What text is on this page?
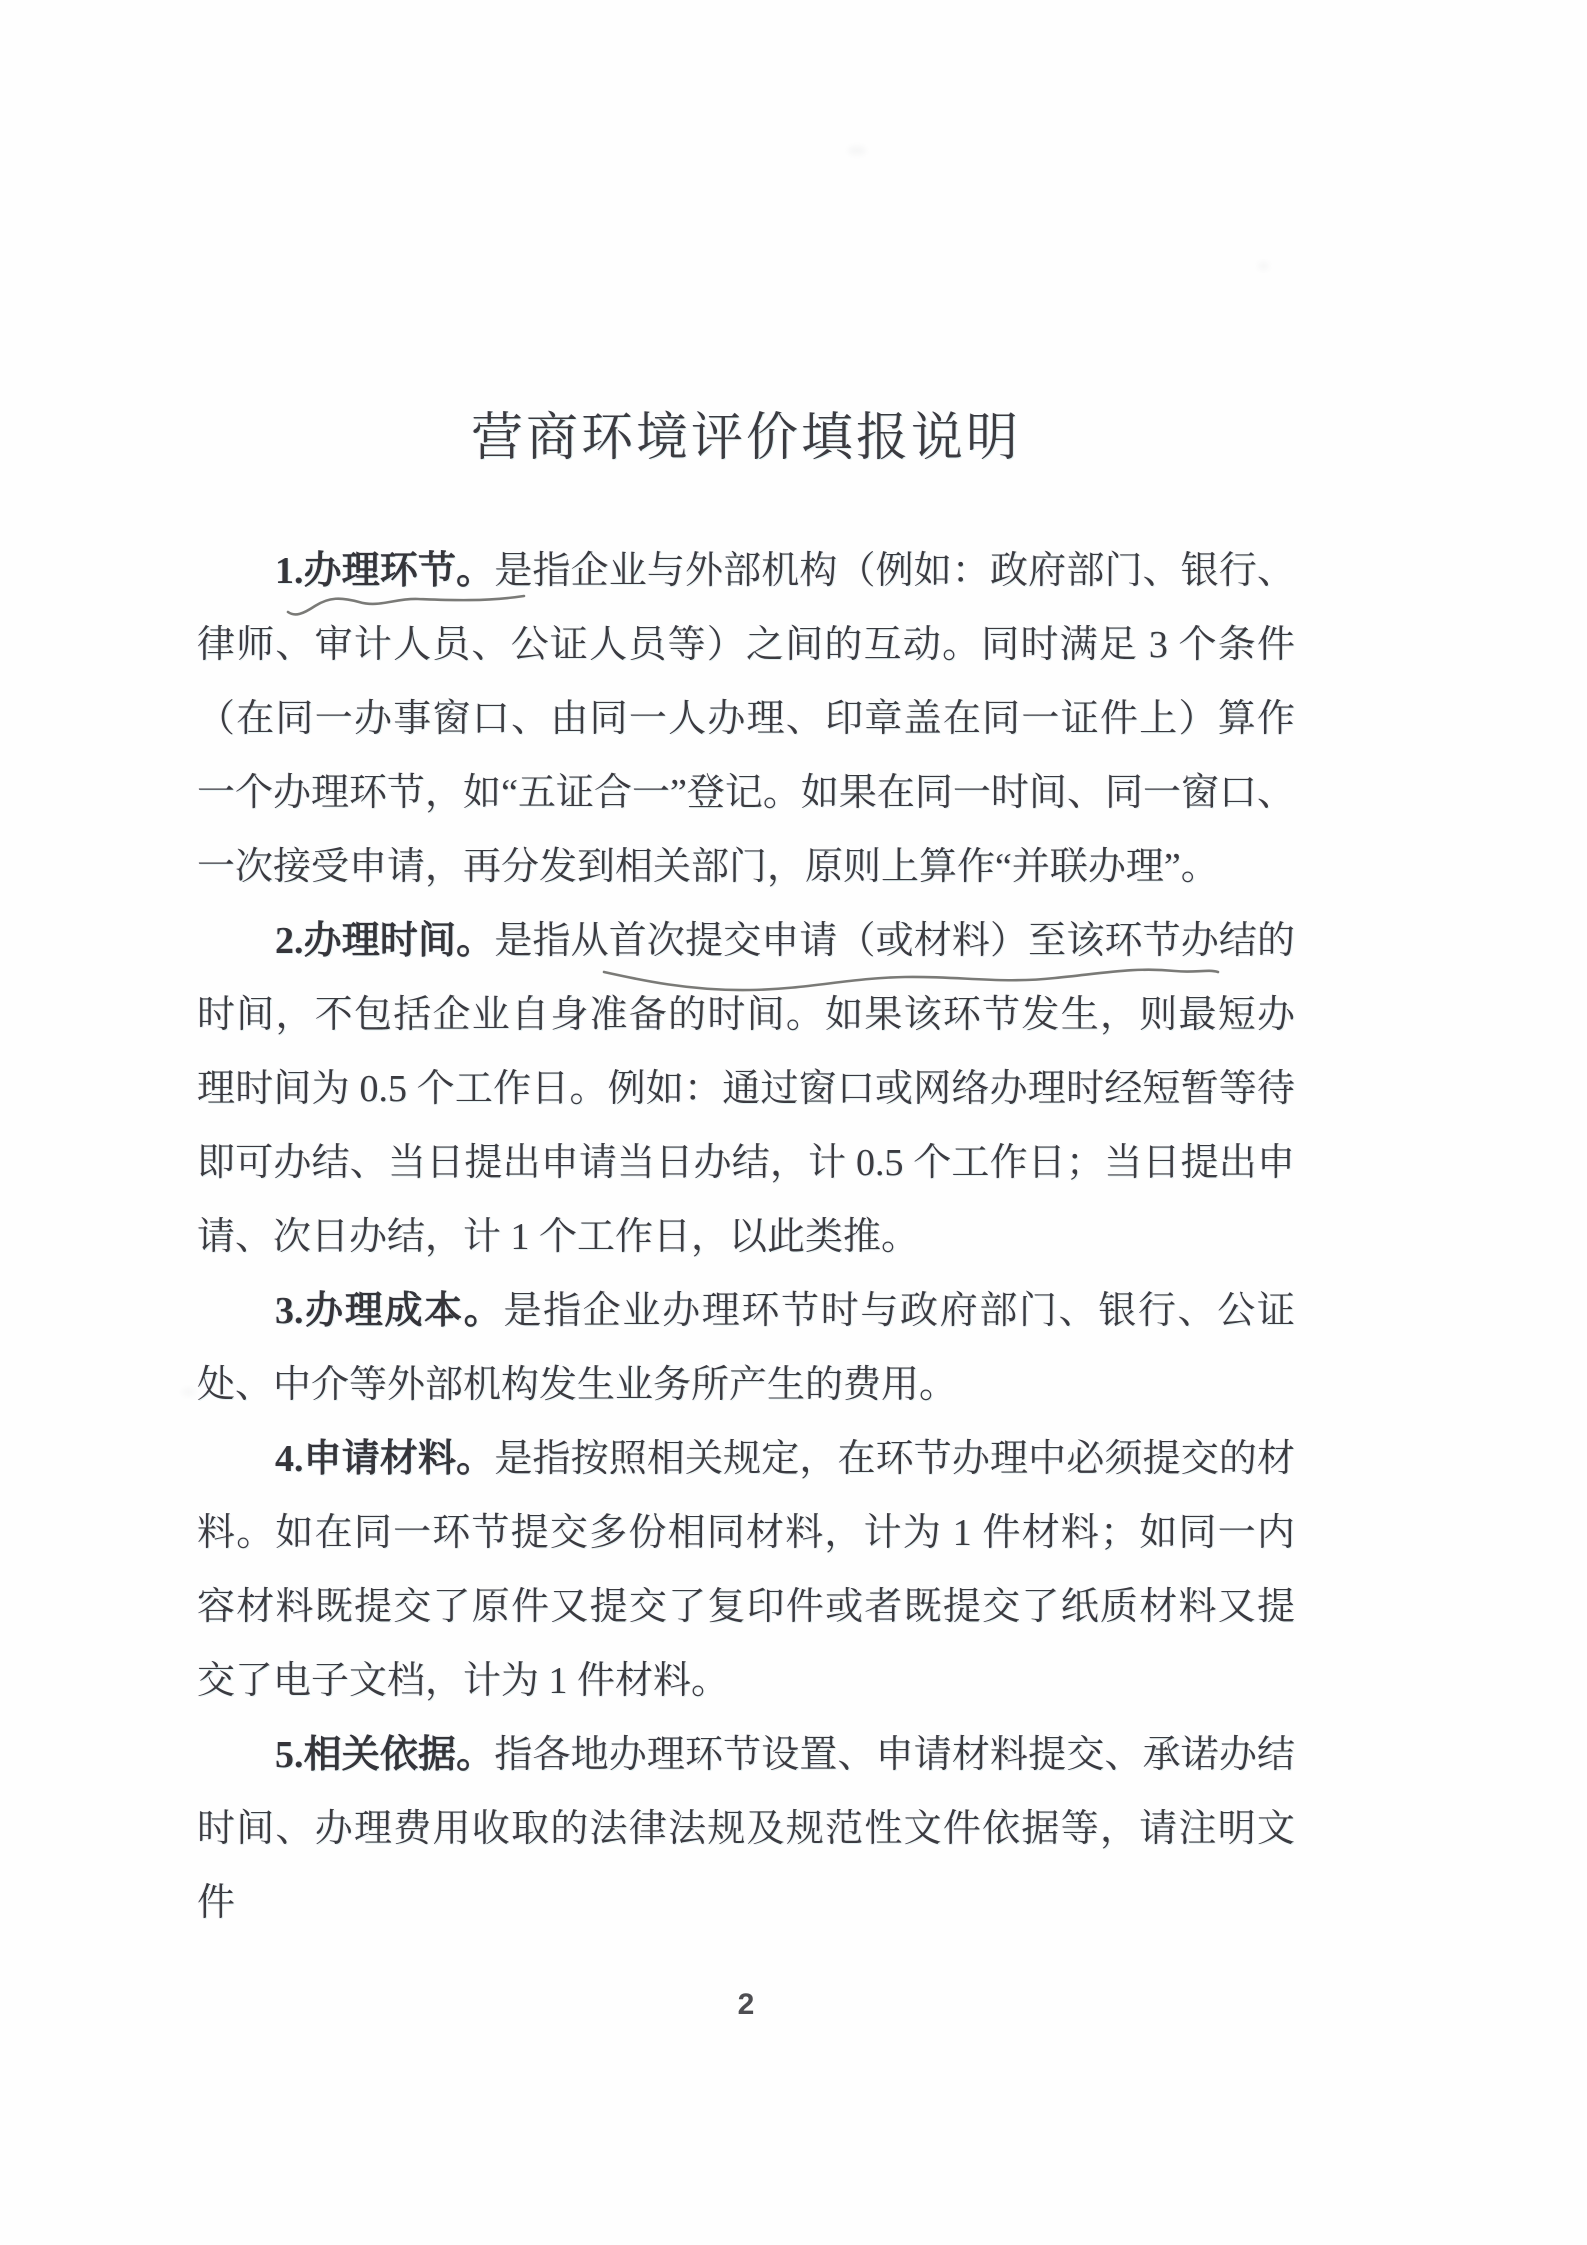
营商环境评价填报说明

1.办理环节。是指企业与外部机构（例如：政府部门、银行、律师、审计人员、公证人员等）之间的互动。同时满足 3 个条件（在同一办事窗口、由同一人办理、印章盖在同一证件上）算作一个办理环节，如“五证合一”登记。如果在同一时间、同一窗口、一次接受申请，再分发到相关部门，原则上算作“并联办理”。

2.办理时间。是指从首次提交申请（或材料）至该环节办结的时间，不包括企业自身准备的时间。如果该环节发生，则最短办理时间为 0.5 个工作日。例如：通过窗口或网络办理时经短暂等待即可办结、当日提出申请当日办结，计 0.5 个工作日；当日提出申请、次日办结，计 1 个工作日，以此类推。

3.办理成本。是指企业办理环节时与政府部门、银行、公证处、中介等外部机构发生业务所产生的费用。

4.申请材料。是指按照相关规定，在环节办理中必须提交的材料。如在同一环节提交多份相同材料，计为 1 件材料；如同一内容材料既提交了原件又提交了复印件或者既提交了纸质材料又提交了电子文档，计为 1 件材料。

5.相关依据。指各地办理环节设置、申请材料提交、承诺办结时间、办理费用收取的法律法规及规范性文件依据等，请注明文件

2
